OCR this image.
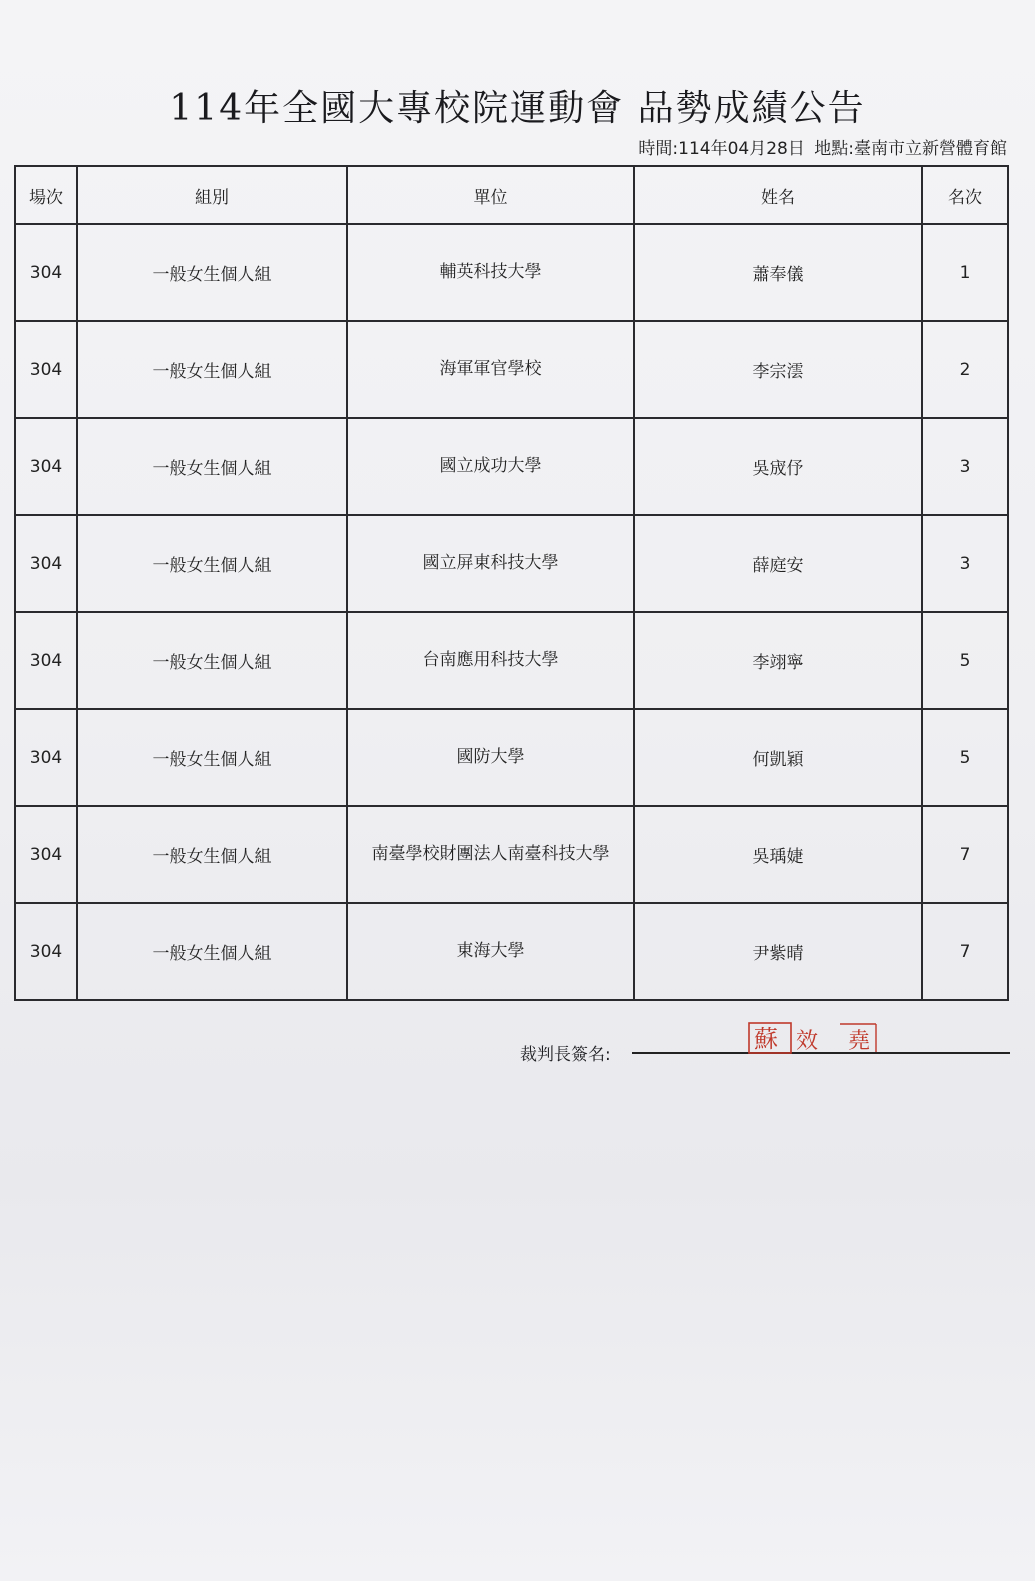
114年全國大專校院運動會 品勢成績公告
時間:114年04月28日 地點:臺南市立新營體育館
場次	組別	單位	姓名	名次
304	一般女生個人組	輔英科技大學	蕭奉儀	1
304	一般女生個人組	海軍軍官學校	李宗澐	2
304	一般女生個人組	國立成功大學	吳宬伃	3
304	一般女生個人組	國立屏東科技大學	薛庭安	3
304	一般女生個人組	台南應用科技大學	李翊寧	5
304	一般女生個人組	國防大學	何凱穎	5
304	一般女生個人組	南臺學校財團法人南臺科技大學	吳瑀婕	7
304	一般女生個人組	東海大學	尹紫晴	7
裁判長簽名:
蘇 效 堯
